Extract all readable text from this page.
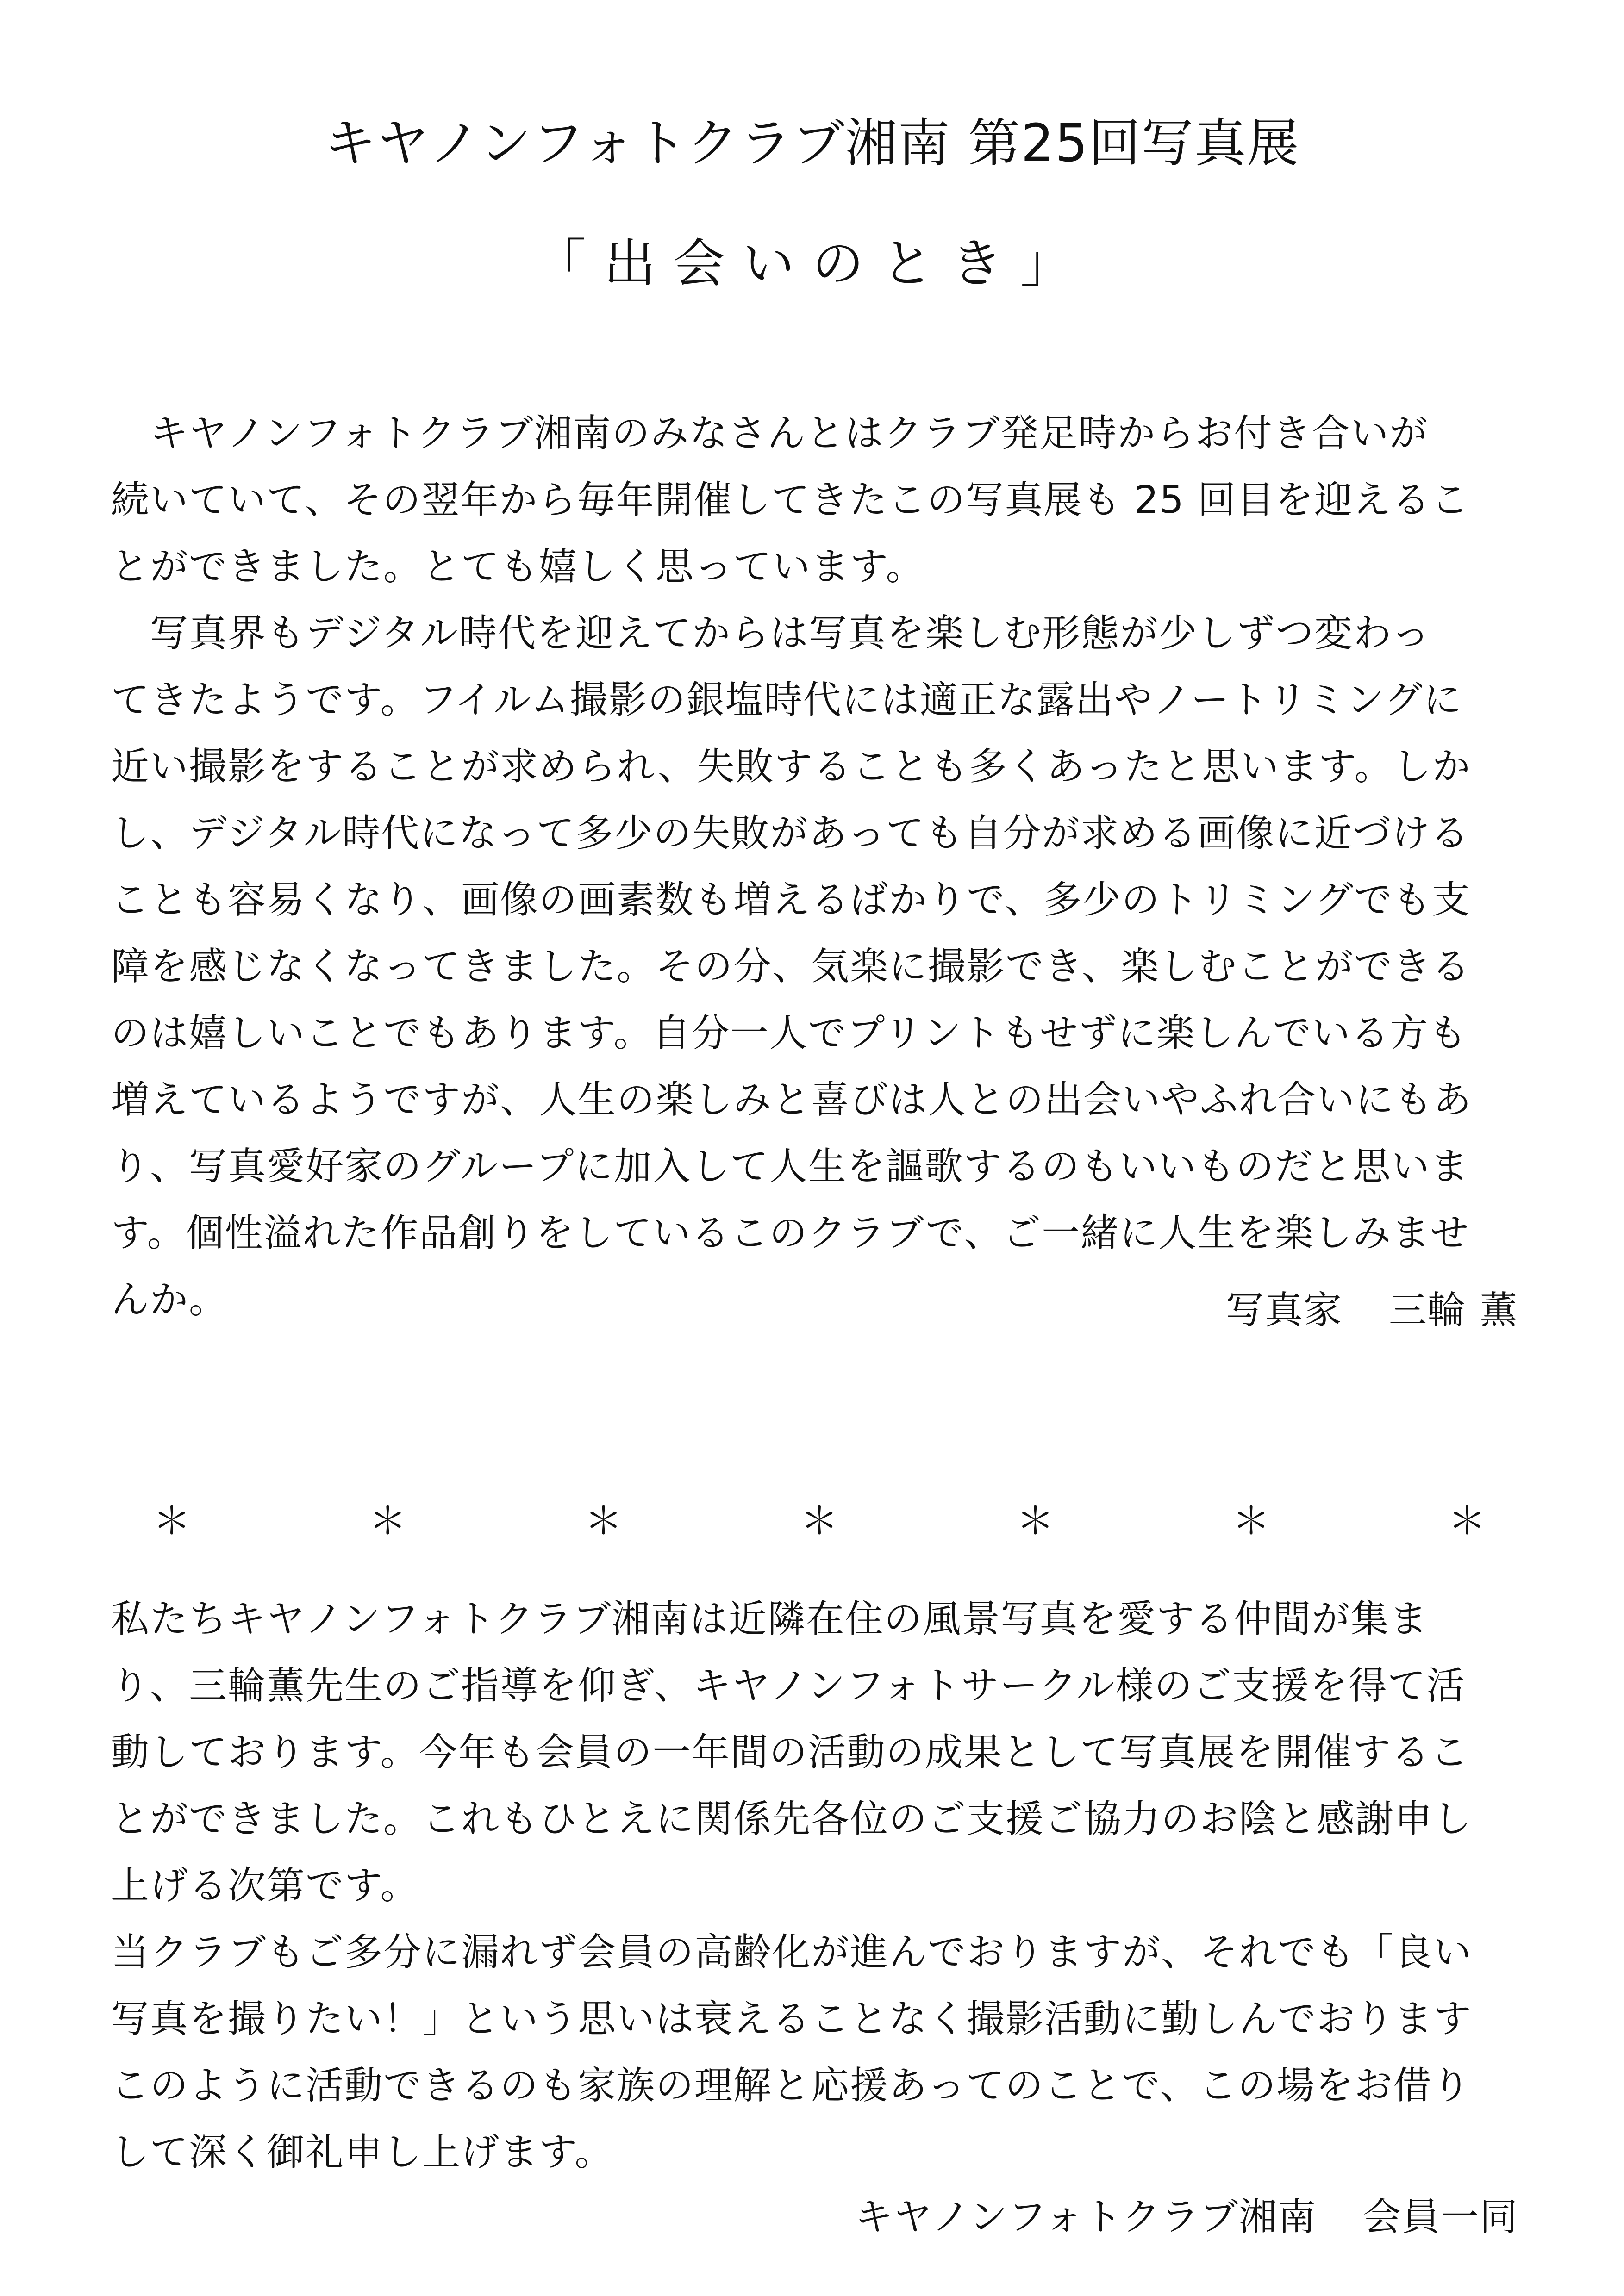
キヤノンフォトクラブ湘南 第25回写真展
「出会いのとき」
　キヤノンフォトクラブ湘南のみなさんとはクラブ発足時からお付き合いが
続いていて、その翌年から毎年開催してきたこの写真展も 25 回目を迎えるこ
とができました。とても嬉しく思っています。
　写真界もデジタル時代を迎えてからは写真を楽しむ形態が少しずつ変わっ
てきたようです。フイルム撮影の銀塩時代には適正な露出やノートリミングに
近い撮影をすることが求められ、失敗することも多くあったと思います。しか
し、デジタル時代になって多少の失敗があっても自分が求める画像に近づける
ことも容易くなり、画像の画素数も増えるばかりで、多少のトリミングでも支
障を感じなくなってきました。その分、気楽に撮影でき、楽しむことができる
のは嬉しいことでもあります。自分一人でプリントもせずに楽しんでいる方も
増えているようですが、人生の楽しみと喜びは人との出会いやふれ合いにもあ
り、写真愛好家のグループに加入して人生を謳歌するのもいいものだと思いま
す。個性溢れた作品創りをしているこのクラブで、ご一緒に人生を楽しみませ
んか。	写真家 三輪 薫
＊	＊	＊	＊	＊	＊	＊
私たちキヤノンフォトクラブ湘南は近隣在住の風景写真を愛する仲間が集ま
り、三輪薫先生のご指導を仰ぎ、キヤノンフォトサークル様のご支援を得て活
動しております。今年も会員の一年間の活動の成果として写真展を開催するこ
とができました。これもひとえに関係先各位のご支援ご協力のお陰と感謝申し
上げる次第です。
当クラブもご多分に漏れず会員の高齢化が進んでおりますが、それでも「良い
写真を撮りたい！」という思いは衰えることなく撮影活動に勤しんでおります
このように活動できるのも家族の理解と応援あってのことで、この場をお借り
して深く御礼申し上げます。
キヤノンフォトクラブ湘南 会員一同
